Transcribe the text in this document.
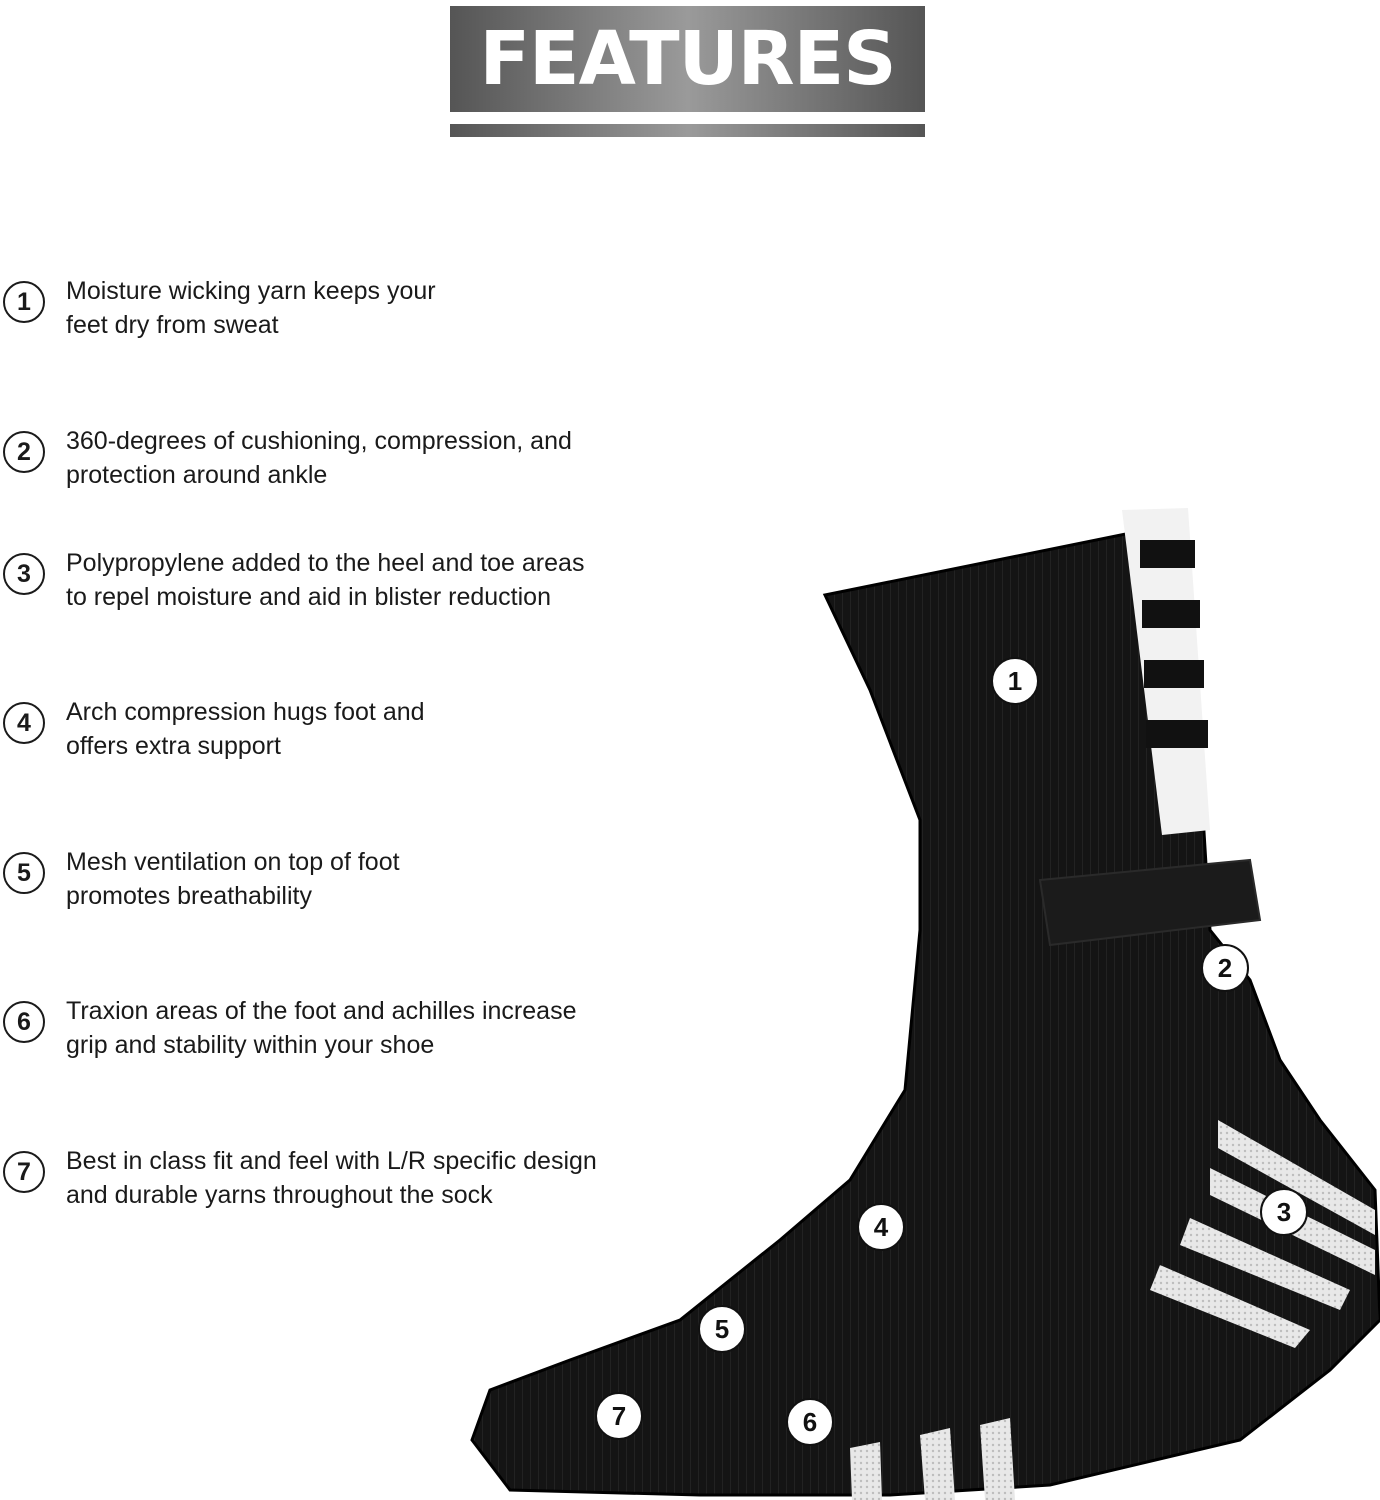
FEATURES
1	Moisture wicking yarn keeps your
feet dry from sweat

2	360-degrees of cushioning, compression, and
protection around ankle

3	Polypropylene added to the heel and toe areas
to repel moisture and aid in blister reduction

4	Arch compression hugs foot and
offers extra support

5	Mesh ventilation on top of foot
promotes breathability

6	Traxion areas of the foot and achilles increase
grip and stability within your shoe

7	Best in class fit and feel with L/R specific design
and durable yarns throughout the sock

adidas
1
2
3
4
5
6
7
